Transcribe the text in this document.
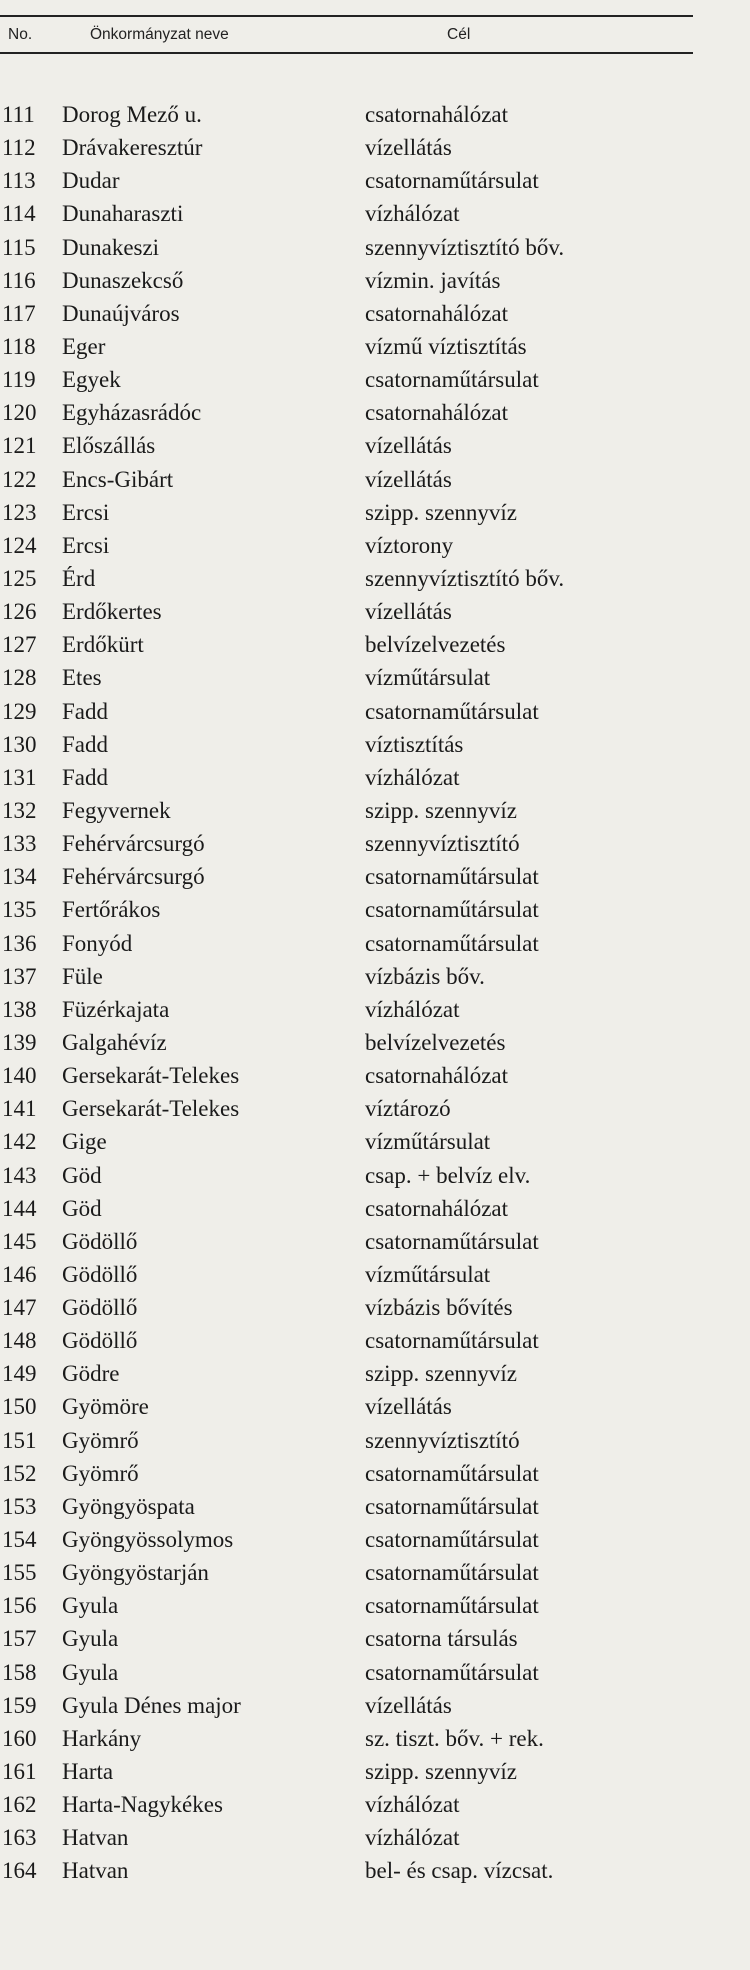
No.	Önkormányzat neve	Cél
111 Dorog Mező u.	csatornahálózat
112 Drávakeresztúr	vízellátás
113 Dudar	csatornaműtársulat
114 Dunaharaszti	vízhálózat
115 Dunakeszi	szennyvíztisztító bőv.
116 Dunaszekcső	vízmin. javítás
117 Dunaújváros	csatornahálózat
118 Eger	vízmű víztisztítás
119 Egyek	csatornaműtársulat
120 Egyházasrádóc	csatornahálózat
121 Előszállás	vízellátás
122 Encs-Gibárt	vízellátás
123 Ercsi	szipp. szennyvíz
124 Ercsi	víztorony
125 Érd	szennyvíztisztító bőv.
126 Erdőkertes	vízellátás
127 Erdőkürt	belvízelvezetés
128 Etes	vízműtársulat
129 Fadd	csatornaműtársulat
130 Fadd	víztisztítás
131 Fadd	vízhálózat
132 Fegyvernek	szipp. szennyvíz
133 Fehérvárcsurgó	szennyvíztisztító
134 Fehérvárcsurgó	csatornaműtársulat
135 Fertőrákos	csatornaműtársulat
136 Fonyód	csatornaműtársulat
137 Füle	vízbázis bőv.
138 Füzérkajata	vízhálózat
139 Galgahévíz	belvízelvezetés
140 Gersekarát-Telekes	csatornahálózat
141 Gersekarát-Telekes	víztározó
142 Gige	vízműtársulat
143 Göd	csap. + belvíz elv.
144 Göd	csatornahálózat
145 Gödöllő	csatornaműtársulat
146 Gödöllő	vízműtársulat
147 Gödöllő	vízbázis bővítés
148 Gödöllő	csatornaműtársulat
149 Gödre	szipp. szennyvíz
150 Gyömöre	vízellátás
151 Gyömrő	szennyvíztisztító
152 Gyömrő	csatornaműtársulat
153 Gyöngyöspata	csatornaműtársulat
154 Gyöngyössolymos	csatornaműtársulat
155 Gyöngyöstarján	csatornaműtársulat
156 Gyula	csatornaműtársulat
157 Gyula	csatorna társulás
158 Gyula	csatornaműtársulat
159 Gyula Dénes major	vízellátás
160 Harkány	sz. tiszt. bőv. + rek.
161 Harta	szipp. szennyvíz
162 Harta-Nagykékes	vízhálózat
163 Hatvan	vízhálózat
164 Hatvan	bel- és csap. vízcsat.
